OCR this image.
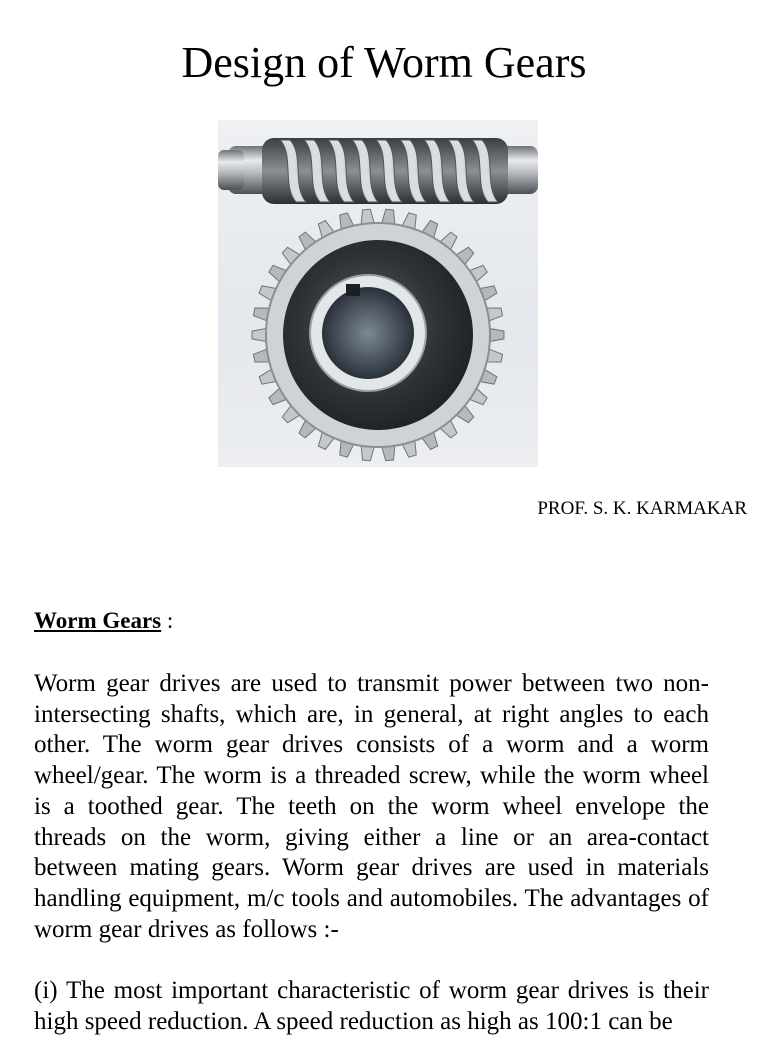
Design of Worm Gears
PROF. S. K. KARMAKAR
Worm Gears :

Worm gear drives are used to transmit power between two non-intersecting shafts, which are, in general, at right angles to each other. The worm gear drives consists of a worm and a worm wheel/gear. The worm is a threaded screw, while the worm wheel is a toothed gear. The teeth on the worm wheel envelope the threads on the worm, giving either a line or an area-contact between mating gears. Worm gear drives are used in materials handling equipment, m/c tools and automobiles. The advantages of worm gear drives as follows :-

(i) The most important characteristic of worm gear drives is their high speed reduction. A speed reduction as high as 100:1 can be
